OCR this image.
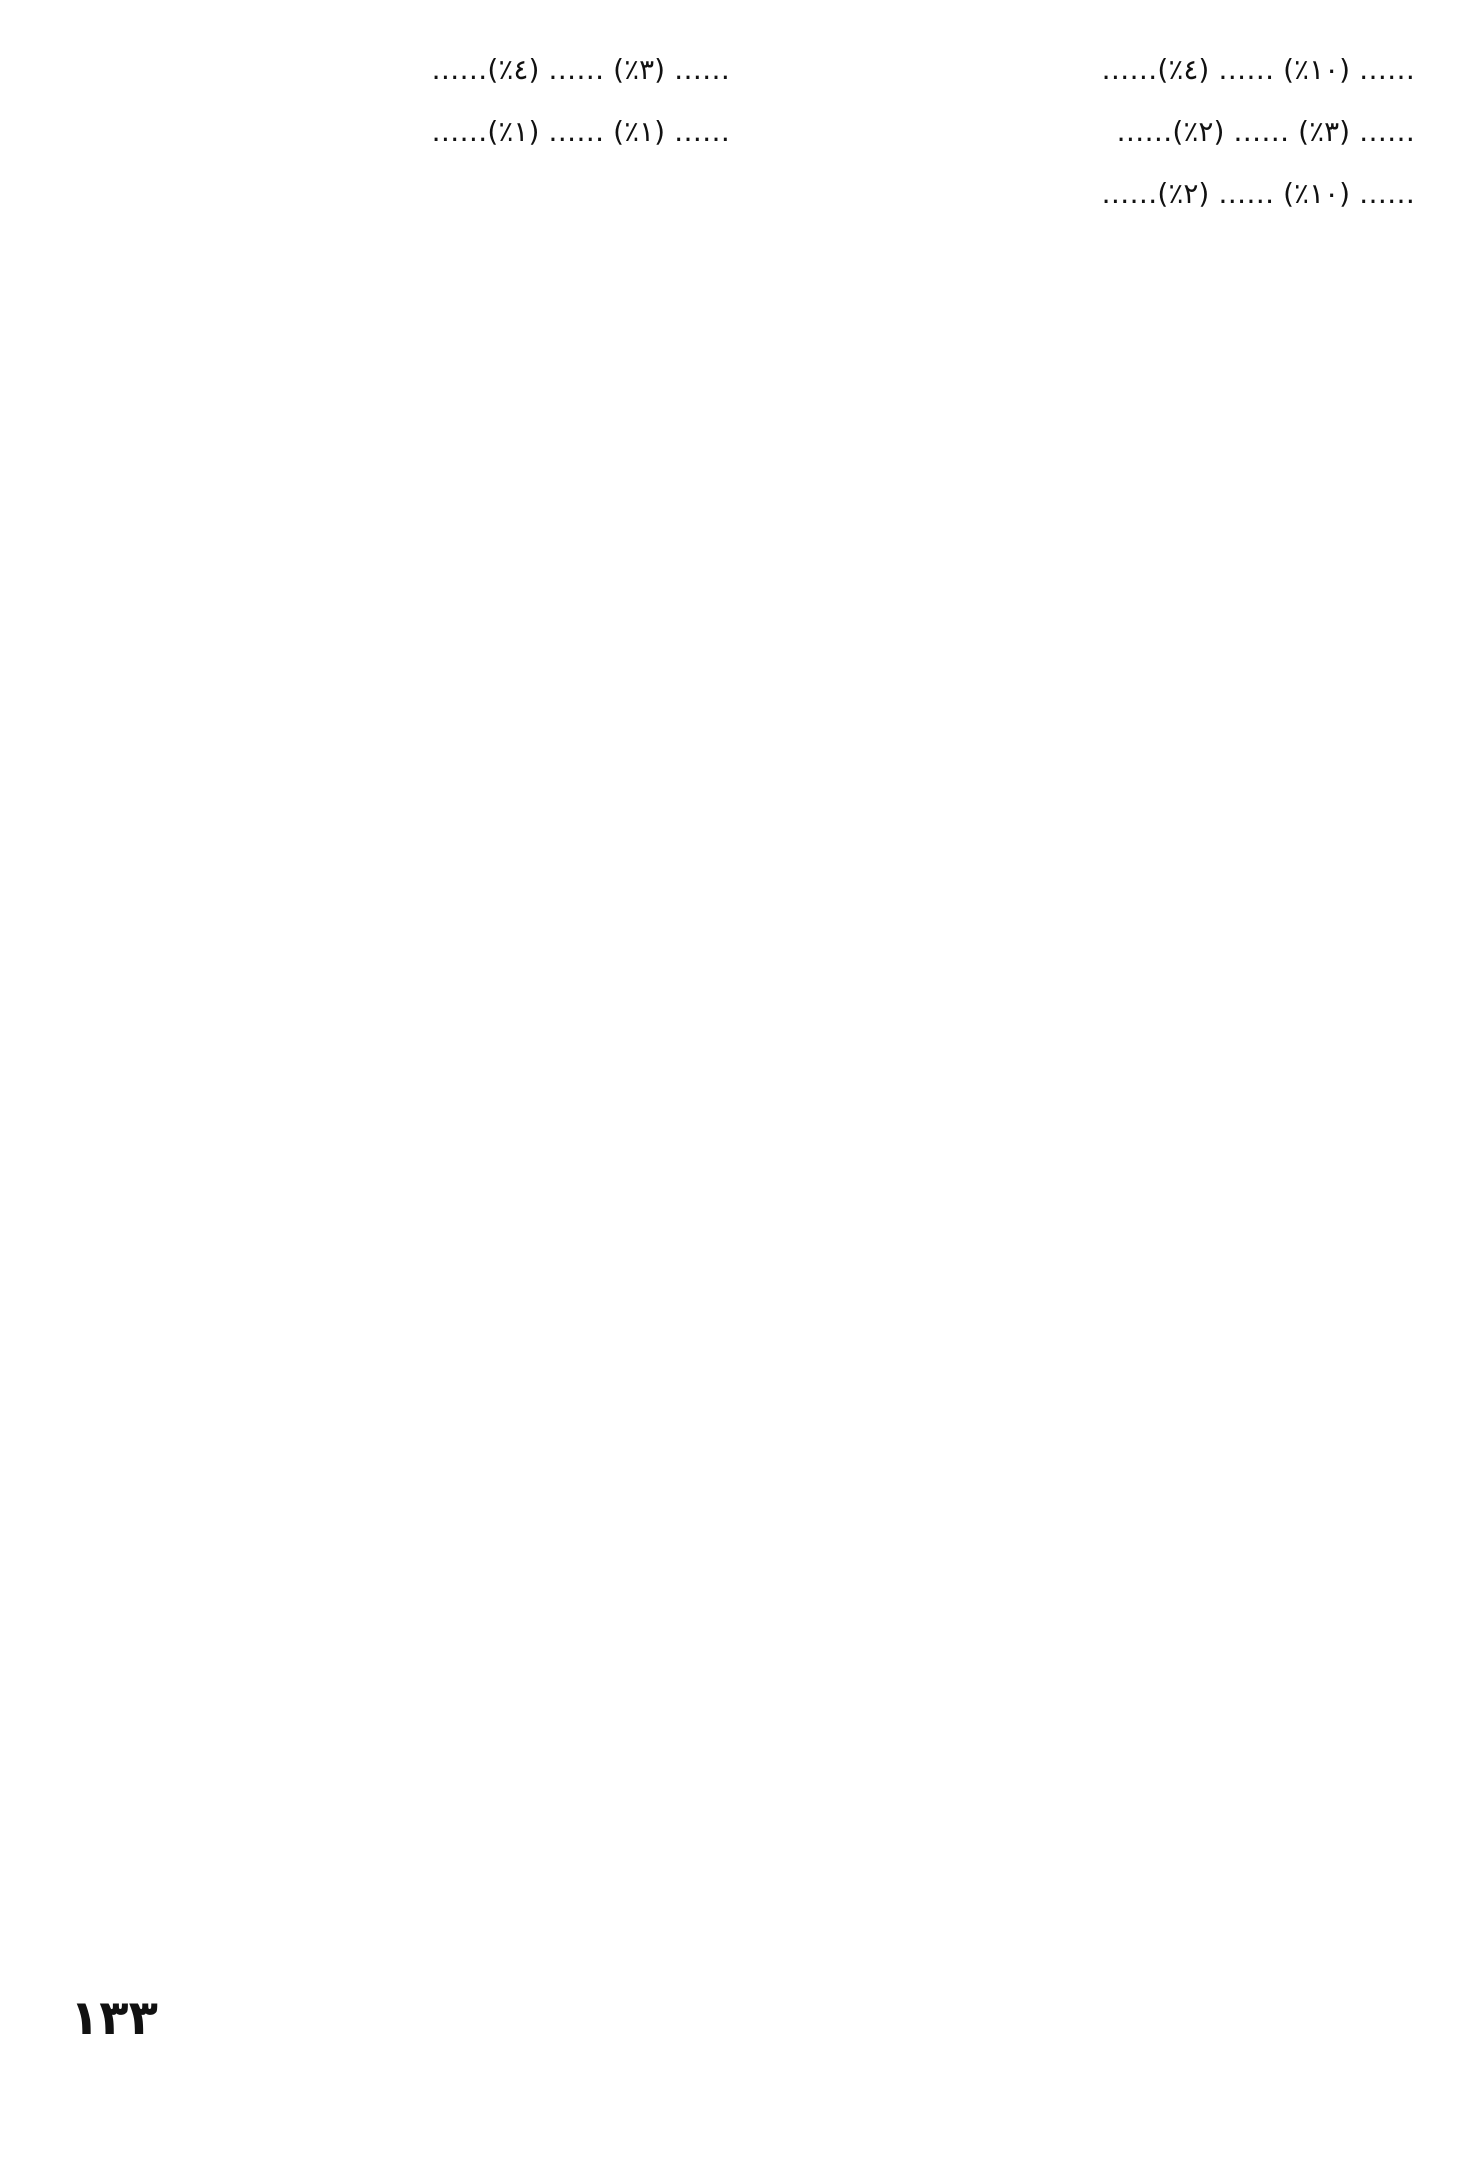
…… (١٠٪) …… (٤٪)……

…… (٣٪) …… (٢٪)……

…… (١٠٪) …… (٢٪)……

…… (٣٪) …… (٤٪)……

…… (١٪) …… (١٪)……

١٣٣
